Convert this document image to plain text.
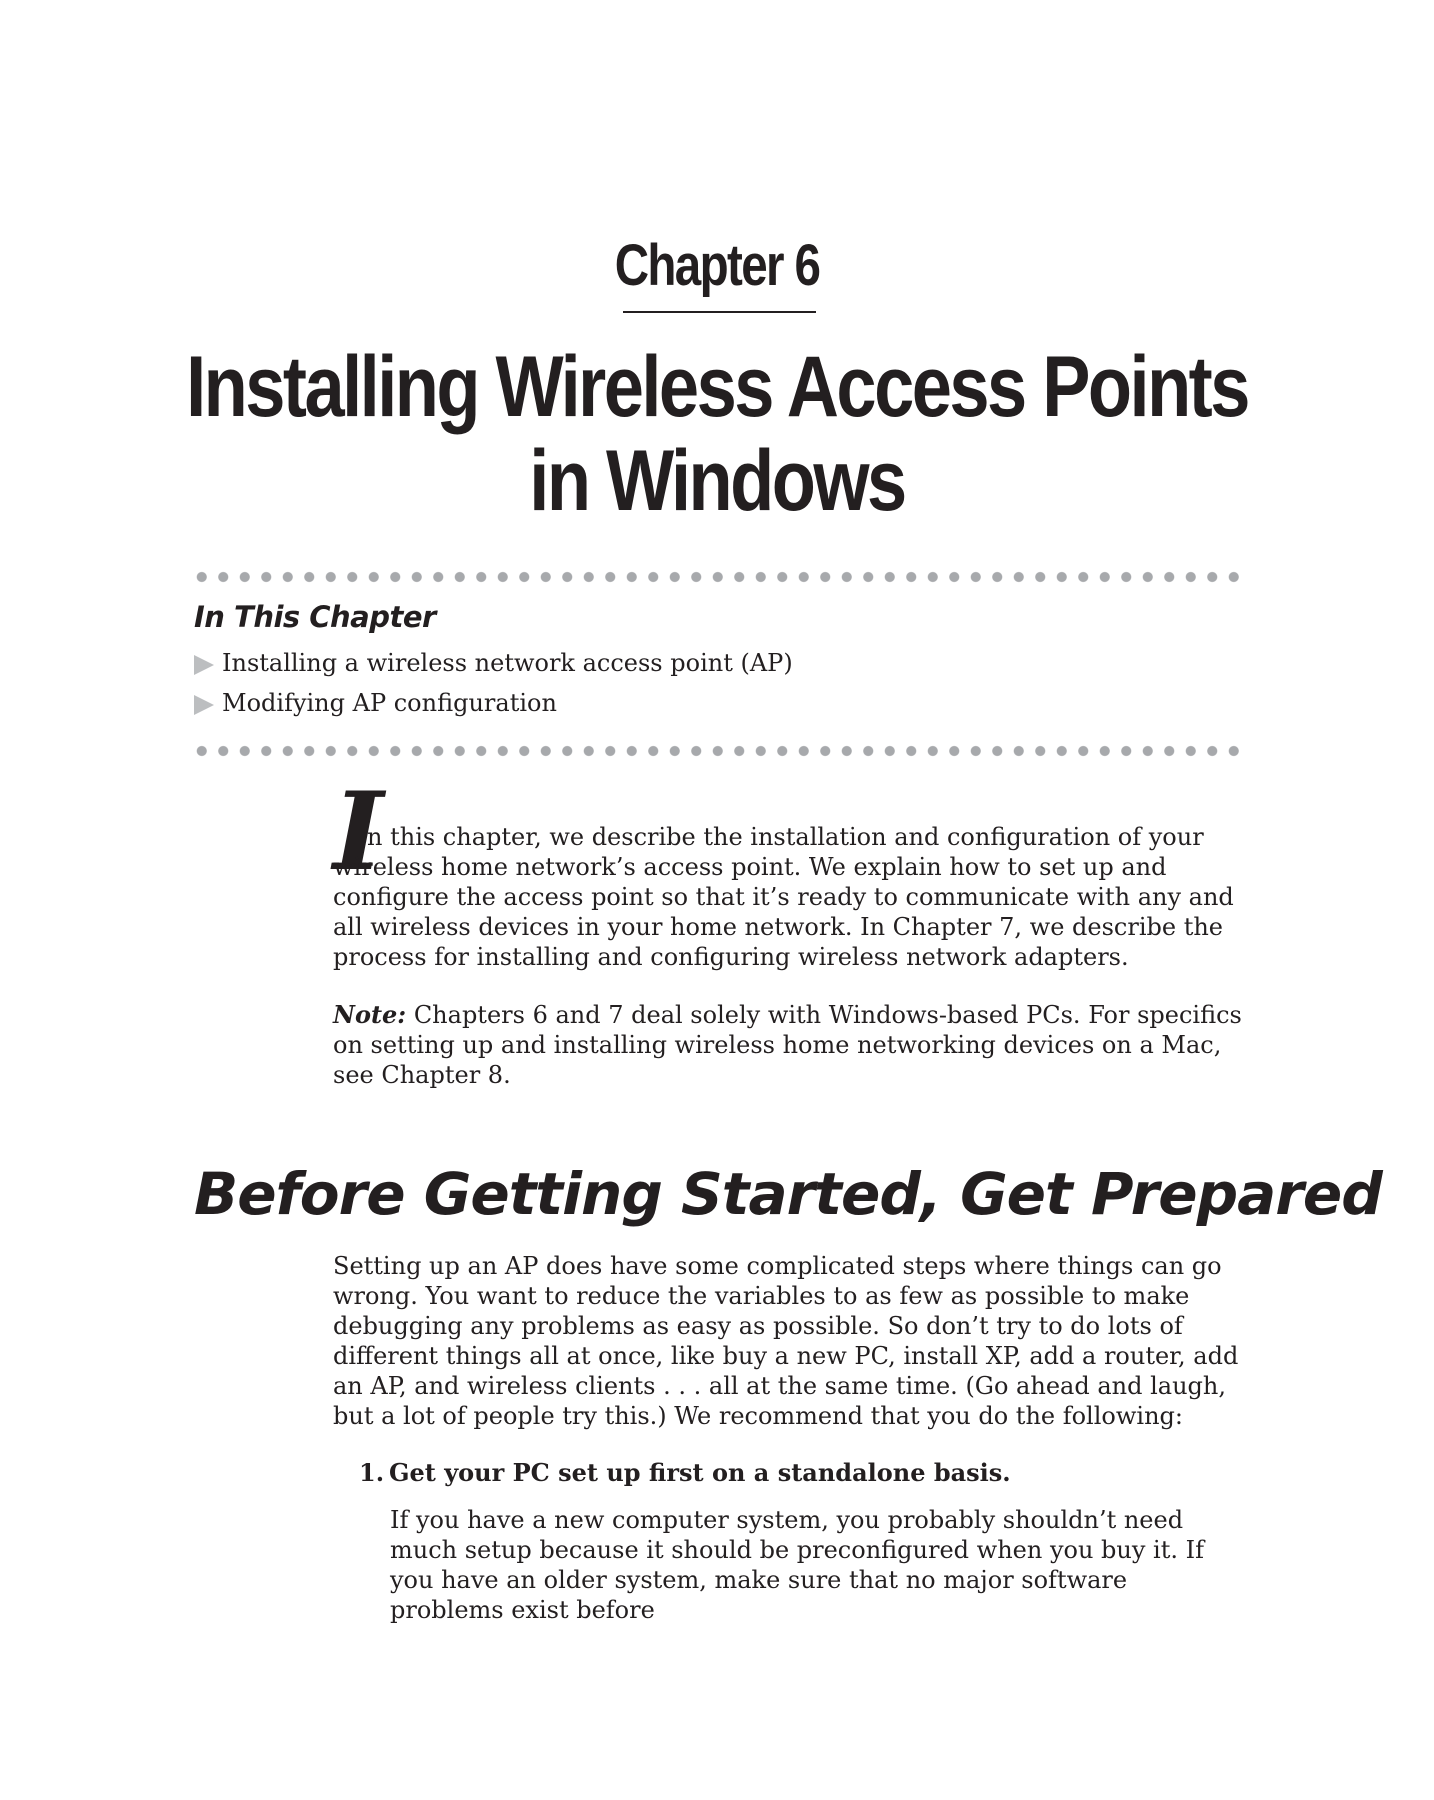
Chapter 6
Installing Wireless Access Points
in Windows
In This Chapter
Installing a wireless network access point (AP)
Modifying AP configuration
I

n this chapter, we describe the installation and configuration of your wireless home network’s access point. We explain how to set up and configure the access point so that it’s ready to communicate with any and all wireless devices in your home network. In Chapter 7, we describe the process for installing and configuring wireless network adapters.

Note: Chapters 6 and 7 deal solely with Windows-based PCs. For specifics on setting up and installing wireless home networking devices on a Mac, see Chapter 8.

Before Getting Started, Get Prepared

Setting up an AP does have some complicated steps where things can go wrong. You want to reduce the variables to as few as possible to make debugging any problems as easy as possible. So don’t try to do lots of different things all at once, like buy a new PC, install XP, add a router, add an AP, and wireless clients . . . all at the same time. (Go ahead and laugh, but a lot of people try this.) We recommend that you do the following:

1. Get your PC set up first on a standalone basis.

If you have a new computer system, you probably shouldn’t need much setup because it should be preconfigured when you buy it. If you have an older system, make sure that no major software problems exist before
